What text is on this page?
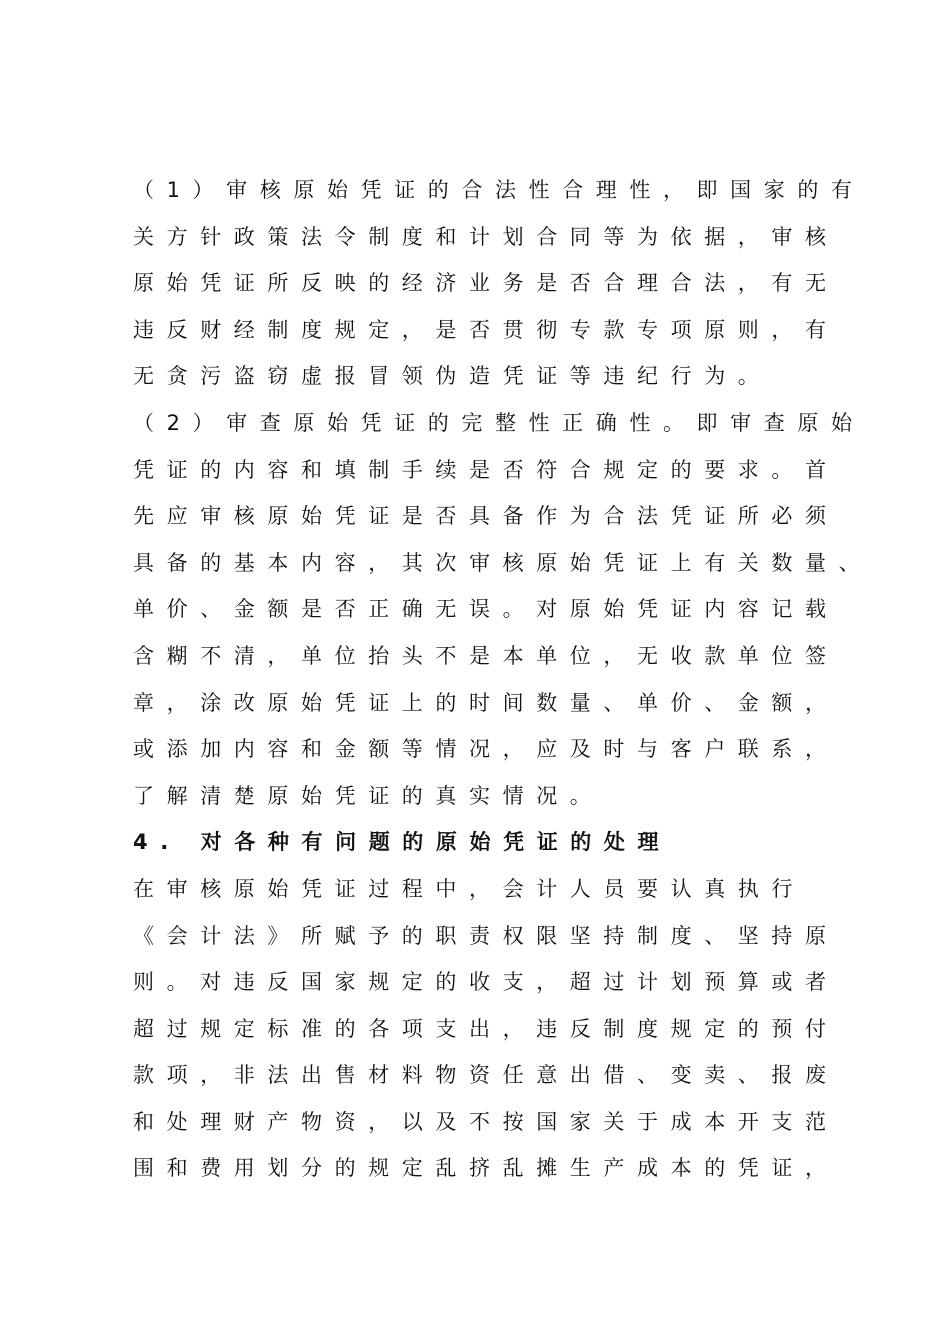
（1）审核原始凭证的合法性合理性，即国家的有
关方针政策法令制度和计划合同等为依据，审核
原始凭证所反映的经济业务是否合理合法，有无
违反财经制度规定，是否贯彻专款专项原则，有
无贪污盗窃虚报冒领伪造凭证等违纪行为。
（2）审查原始凭证的完整性正确性。即审查原始
凭证的内容和填制手续是否符合规定的要求。首
先应审核原始凭证是否具备作为合法凭证所必须
具备的基本内容，其次审核原始凭证上有关数量、
单价、金额是否正确无误。对原始凭证内容记载
含糊不清，单位抬头不是本单位，无收款单位签
章，涂改原始凭证上的时间数量、单价、金额，
或添加内容和金额等情况，应及时与客户联系，
了解清楚原始凭证的真实情况。
4. 对各种有问题的原始凭证的处理
在审核原始凭证过程中，会计人员要认真执行
《会计法》所赋予的职责权限坚持制度、坚持原
则。对违反国家规定的收支，超过计划预算或者
超过规定标准的各项支出，违反制度规定的预付
款项，非法出售材料物资任意出借、变卖、报废
和处理财产物资，以及不按国家关于成本开支范
围和费用划分的规定乱挤乱摊生产成本的凭证，
